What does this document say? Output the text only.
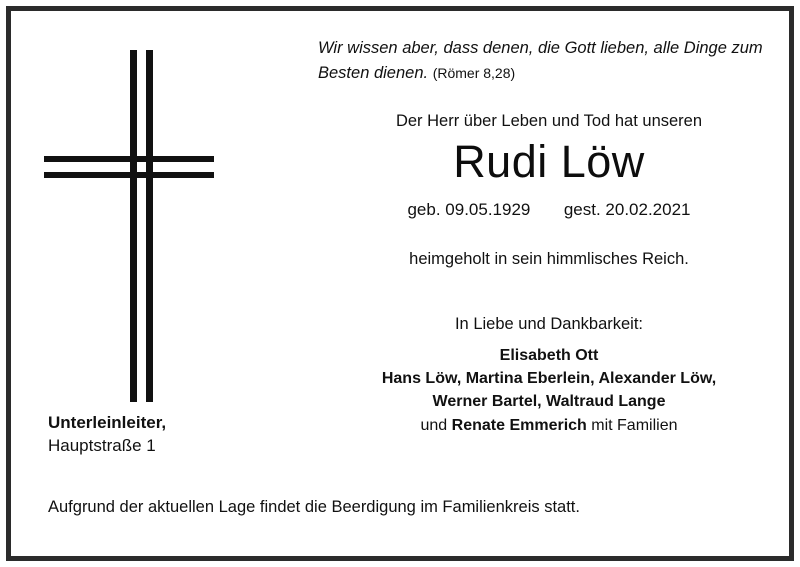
Unterleinleiter,
Hauptstraße 1
Wir wissen aber, dass denen, die Gott lieben, alle Dinge zum Besten dienen. (Römer 8,28)
Der Herr über Leben und Tod hat unseren
Rudi Löw
geb. 09.05.1929 gest. 20.02.2021
heimgeholt in sein himmlisches Reich.
In Liebe und Dankbarkeit:
Elisabeth Ott
Hans Löw, Martina Eberlein, Alexander Löw,
Werner Bartel, Waltraud Lange
und Renate Emmerich mit Familien
Aufgrund der aktuellen Lage findet die Beerdigung im Familienkreis statt.
